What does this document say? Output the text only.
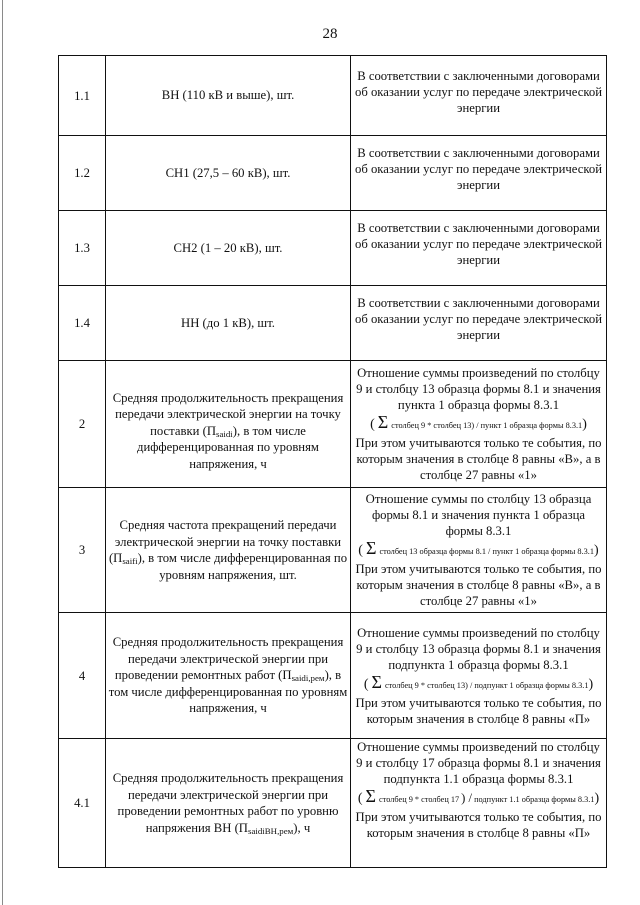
28
1.1	ВН (110 кВ и выше), шт.	В соответствии с заключенными договорами об оказании услуг по передаче электрической энергии

1.2	СН1 (27,5 – 60 кВ), шт.	В соответствии с заключенными договорами об оказании услуг по передаче электрической энергии

1.3	СН2 (1 – 20 кВ), шт.	В соответствии с заключенными договорами об оказании услуг по передаче электрической энергии

1.4	НН (до 1 кВ), шт.	В соответствии с заключенными договорами об оказании услуг по передаче электрической энергии

2	Средняя продолжительность прекращения передачи электрической энергии на точку поставки $(П_{saidi})$, в том числе дифференцированная по уровням напряжения, ч	Отношение суммы произведений по столбцу 9 и столбцу 13 образца формы 8.1 и значения пункта 1 образца формы 8.3.1
( Σ столбец 9 * столбец 13) / пункт 1 образца формы 8.3.1)
При этом учитываются только те события, по которым значения в столбце 8 равны «В», а в столбце 27 равны «1»

3	Средняя частота прекращений передачи электрической энергии на точку поставки $(П_{saifi})$, в том числе дифференцированная по уровням напряжения, шт.	Отношение суммы по столбцу 13 образца формы 8.1 и значения пункта 1 образца формы 8.3.1
( Σ столбец 13 образца формы 8.1 / пункт 1 образца формы 8.3.1)
При этом учитываются только те события, по которым значения в столбце 8 равны «В», а в столбце 27 равны «1»

4	Средняя продолжительность прекращения передачи электрической энергии при проведении ремонтных работ $(П_{saidi,рем})$, в том числе дифференцированная по уровням напряжения, ч	Отношение суммы произведений по столбцу 9 и столбцу 13 образца формы 8.1 и значения подпункта 1 образца формы 8.3.1
( Σ столбец 9 * столбец 13) / подпункт 1 образца формы 8.3.1)
При этом учитываются только те события, по которым значения в столбце 8 равны «П»

4.1	Средняя продолжительность прекращения передачи электрической энергии при проведении ремонтных работ по уровню напряжения ВН $(П_{saidiВН,рем})$, ч	Отношение суммы произведений по столбцу 9 и столбцу 17 образца формы 8.1 и значения подпункта 1.1 образца формы 8.3.1
( Σ столбец 9 * столбец 17 ) / подпункт 1.1 образца формы 8.3.1)
При этом учитываются только те события, по которым значения в столбце 8 равны «П»
